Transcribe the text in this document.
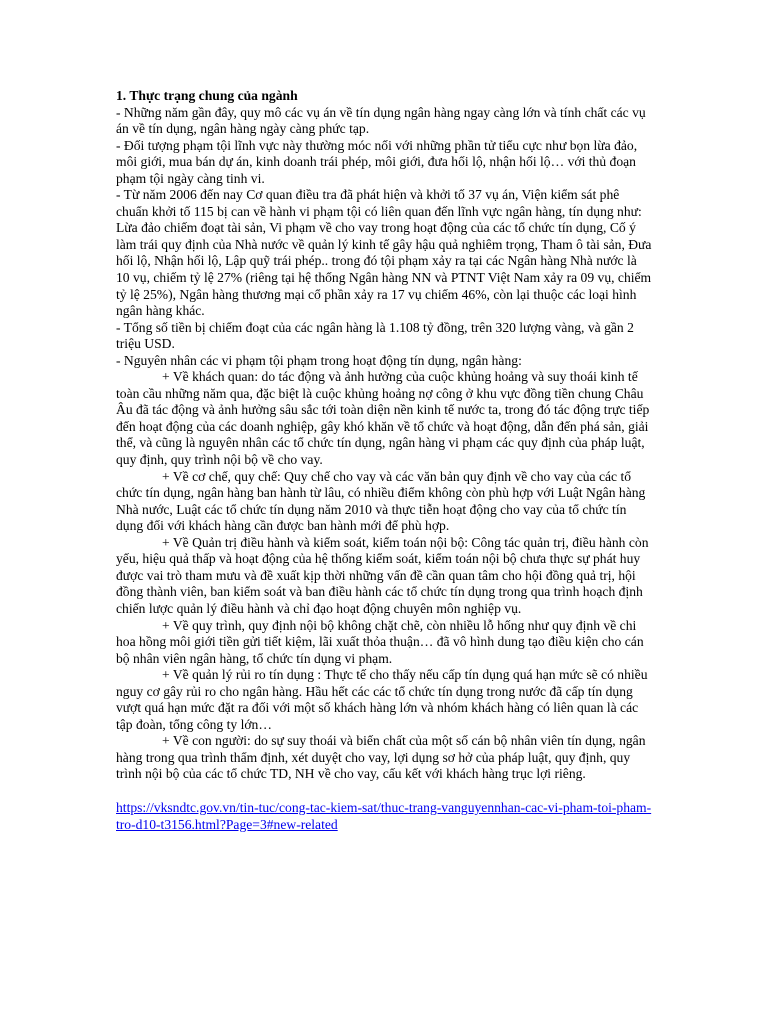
1. Thực trạng chung của ngành

- Những năm gần đây, quy mô các vụ án về tín dụng ngân hàng ngay càng lớn và tính chất các vụ án về tín dụng, ngân hàng ngày càng phức tạp.

- Đối tượng phạm tội lĩnh vực này thường móc nối với những phần tử tiểu cực như bọn lừa đảo, môi giới, mua bán dự án, kinh doanh trái phép, môi giới, đưa hối lộ, nhận hối lộ… với thủ đoạn phạm tội ngày càng tinh vi.

- Từ năm 2006 đến nay Cơ quan điều tra đã phát hiện và khởi tố 37 vụ án, Viện kiểm sát phê chuẩn khởi tố 115 bị can về hành vi phạm tội có liên quan đến lĩnh vực ngân hàng, tín dụng như: Lừa đảo chiếm đoạt tài sản, Vi phạm về cho vay trong hoạt động của các tổ chức tín dụng, Cố ý làm trái quy định của Nhà nước về quản lý kinh tế gây hậu quả nghiêm trọng, Tham ô tài sản, Đưa hối lộ, Nhận hối lộ, Lập quỹ trái phép.. trong đó tội phạm xảy ra tại các Ngân hàng Nhà nước là 10 vụ, chiếm tỷ lệ 27% (riêng tại hệ thống Ngân hàng NN và PTNT Việt Nam xảy ra 09 vụ, chiếm tỷ lệ 25%), Ngân hàng thương mại cổ phần xảy ra 17 vụ chiếm 46%, còn lại thuộc các loại hình ngân hàng khác.

- Tổng số tiền bị chiếm đoạt của các ngân hàng là 1.108 tỷ đồng, trên 320 lượng vàng, và gần 2 triệu USD.

- Nguyên nhân các vi phạm tội phạm trong hoạt động tín dụng, ngân hàng:

+ Về khách quan: do tác động và ảnh hưởng của cuộc khủng hoảng và suy thoái kinh tế toàn cầu những năm qua, đặc biệt là cuộc khủng hoảng nợ công ở khu vực đồng tiền chung Châu Âu đã tác động và ảnh hưởng sâu sắc tới toàn diện nền kinh tế nước ta, trong đó tác động trực tiếp đến hoạt động của các doanh nghiệp, gây khó khăn về tổ chức và hoạt động, dẫn đến phá sản, giải thể, và cũng là nguyên nhân các tổ chức tín dụng, ngân hàng vi phạm các quy định của pháp luật, quy định, quy trình nội bộ về cho vay.

+ Về cơ chế, quy chế: Quy chế cho vay và các văn bản quy định về cho vay của các tổ chức tín dụng, ngân hàng ban hành từ lâu, có nhiều điểm không còn phù hợp với Luật Ngân hàng Nhà nước, Luật các tổ chức tín dụng năm 2010 và thực tiễn hoạt động cho vay của tổ chức tín dụng đối với khách hàng cần được ban hành mới để phù hợp.

+ Về Quản trị điều hành và kiểm soát, kiểm toán nội bộ: Công tác quản trị, điều hành còn yếu, hiệu quả thấp và hoạt động của hệ thống kiểm soát, kiểm toán nội bộ chưa thực sự phát huy được vai trò tham mưu và đề xuất kịp thời những vấn đề cần quan tâm cho hội đồng quả trị, hội đồng thành viên, ban kiểm soát và ban điều hành các tổ chức tín dụng trong qua trình hoạch định chiến lược quản lý điều hành và chỉ đạo hoạt động chuyên môn nghiệp vụ.

+ Về quy trình, quy định nội bộ không chặt chẽ, còn nhiều lỗ hống như quy định về chi hoa hồng môi giới tiền gửi tiết kiệm, lãi xuất thỏa thuận… đã vô hình dung tạo điều kiện cho cán bộ nhân viên ngân hàng, tổ chức tín dụng vi phạm.

+ Về quản lý rủi ro tín dụng : Thực tế cho thấy nếu cấp tín dụng quá hạn mức sẽ có nhiều nguy cơ gây rủi ro cho ngân hàng. Hầu hết các các tổ chức tín dụng trong nước đã cấp tín dụng vượt quá hạn mức đặt ra đối với một số khách hàng lớn và nhóm khách hàng có liên quan là các tập đoàn, tổng công ty lớn…

+ Về con người: do sự suy thoái và biến chất của một số cán bộ nhân viên tín dụng, ngân hàng trong qua trình thẩm định, xét duyệt cho vay, lợi dụng sơ hở của pháp luật, quy định, quy trình nội bộ của các tổ chức TD, NH về cho vay, cấu kết với khách hàng trục lợi riêng.

https://vksndtc.gov.vn/tin-tuc/cong-tac-kiem-sat/thuc-trang-vanguyennhan-cac-vi-pham-toi-pham-tro-d10-t3156.html?Page=3#new-related
